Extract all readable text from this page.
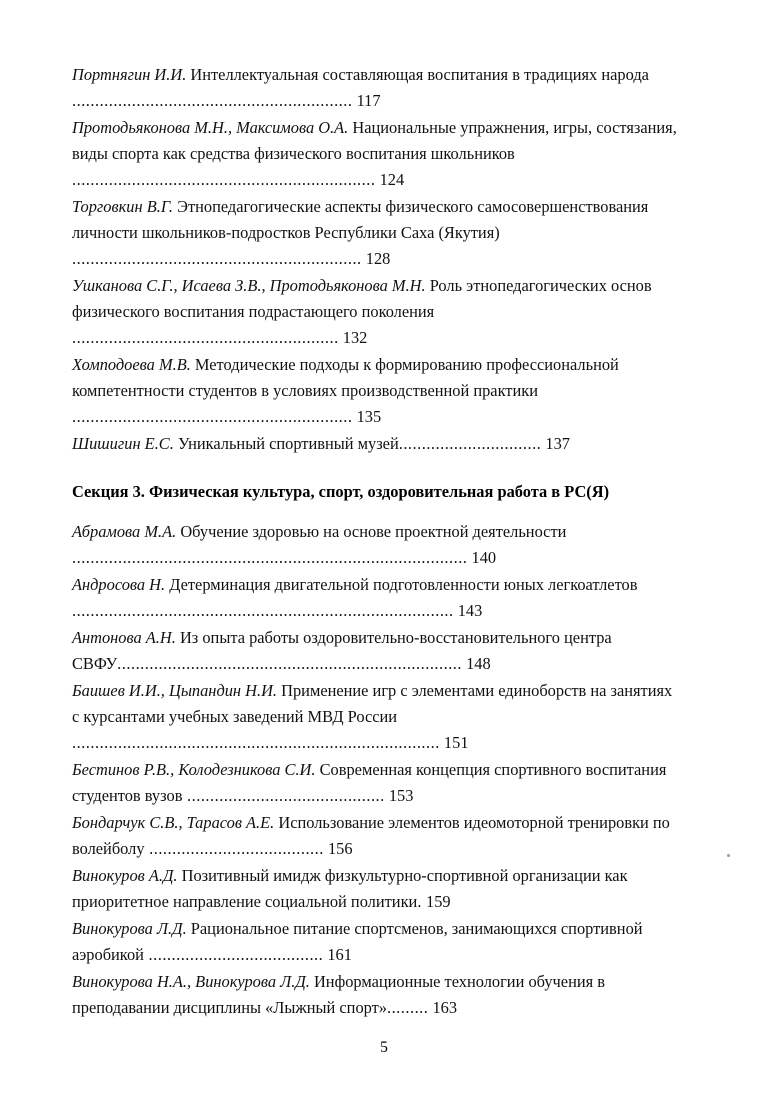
Портнягин И.И. Интеллектуальная составляющая воспитания в традициях народа ............................................................. 117

Протодьяконова М.Н., Максимова О.А. Национальные упражнения, игры, состязания, виды спорта как средства физического воспитания школьников .................................................................. 124

Торговкин В.Г. Этнопедагогические аспекты физического самосовершенствования личности школьников-подростков Республики Саха (Якутия) ............................................................... 128

Ушканова С.Г., Исаева З.В., Протодьяконова М.Н. Роль этнопедагогических основ физического воспитания подрастающего поколения .......................................................... 132

Хомподоева М.В. Методические подходы к формированию профессиональной компетентности студентов в условиях производственной практики ............................................................. 135

Шишигин Е.С. Уникальный спортивный музей............................... 137

Секция 3. Физическая культура, спорт, оздоровительная работа в РС(Я)

Абрамова М.А. Обучение здоровью на основе проектной деятельности ...................................................................................... 140

Андросова Н. Детерминация двигательной подготовленности юных легкоатлетов ................................................................................... 143

Антонова А.Н. Из опыта работы оздоровительно-восстановительного центра СВФУ........................................................................... 148

Баишев И.И., Цыпандин Н.И. Применение игр с элементами единоборств на занятиях с курсантами учебных заведений МВД России ................................................................................ 151

Бестинов Р.В., Колодезникова С.И. Современная концепция спортивного воспитания студентов вузов ........................................... 153

Бондарчук С.В., Тарасов А.Е. Использование элементов идеомоторной тренировки по волейболу ...................................... 156

Винокуров А.Д. Позитивный имидж физкультурно-спортивной организации как приоритетное направление социальной политики. 159

Винокурова Л.Д. Рациональное питание спортсменов, занимающихся спортивной аэробикой ...................................... 161

Винокурова Н.А., Винокурова Л.Д. Информационные технологии обучения в преподавании дисциплины «Лыжный спорт»......... 163

5
